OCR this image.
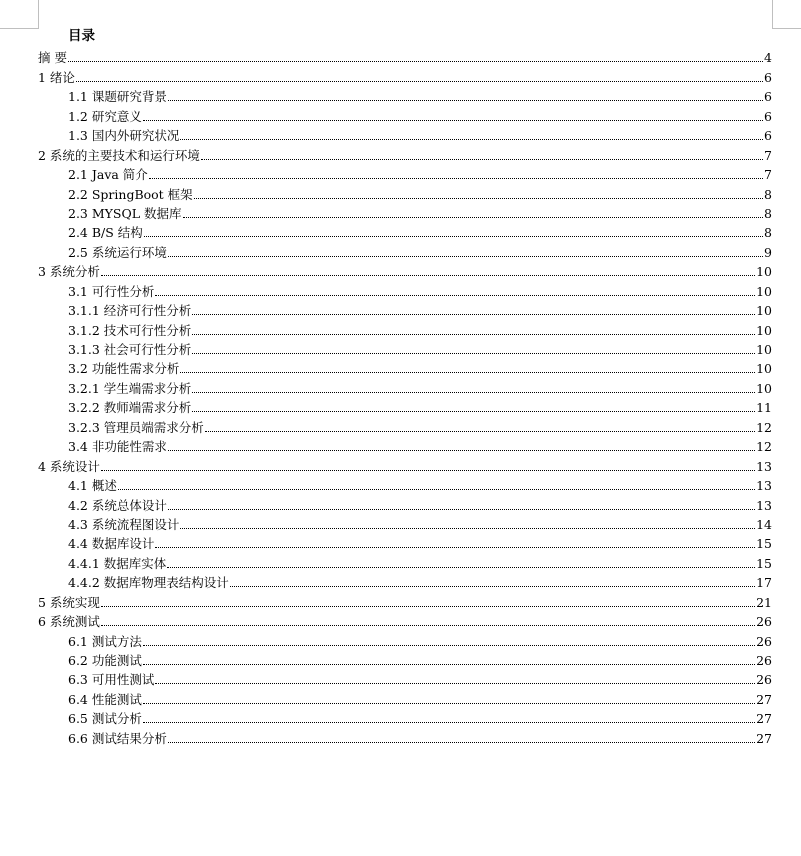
目录
摘 要	4
1 绪论	6
1.1 课题研究背景	6
1.2 研究意义	6
1.3 国内外研究状况	6
2 系统的主要技术和运行环境	7
2.1 Java 简介	7
2.2 SpringBoot 框架	8
2.3 MYSQL 数据库	8
2.4 B/S 结构	8
2.5 系统运行环境	9
3 系统分析	10
3.1 可行性分析	10
3.1.1 经济可行性分析	10
3.1.2 技术可行性分析	10
3.1.3 社会可行性分析	10
3.2 功能性需求分析	10
3.2.1 学生端需求分析	10
3.2.2 教师端需求分析	11
3.2.3 管理员端需求分析	12
3.4 非功能性需求	12
4 系统设计	13
4.1 概述	13
4.2 系统总体设计	13
4.3 系统流程图设计	14
4.4 数据库设计	15
4.4.1 数据库实体	15
4.4.2 数据库物理表结构设计	17
5 系统实现	21
6 系统测试	26
6.1 测试方法	26
6.2 功能测试	26
6.3 可用性测试	26
6.4 性能测试	27
6.5 测试分析	27
6.6 测试结果分析	27
